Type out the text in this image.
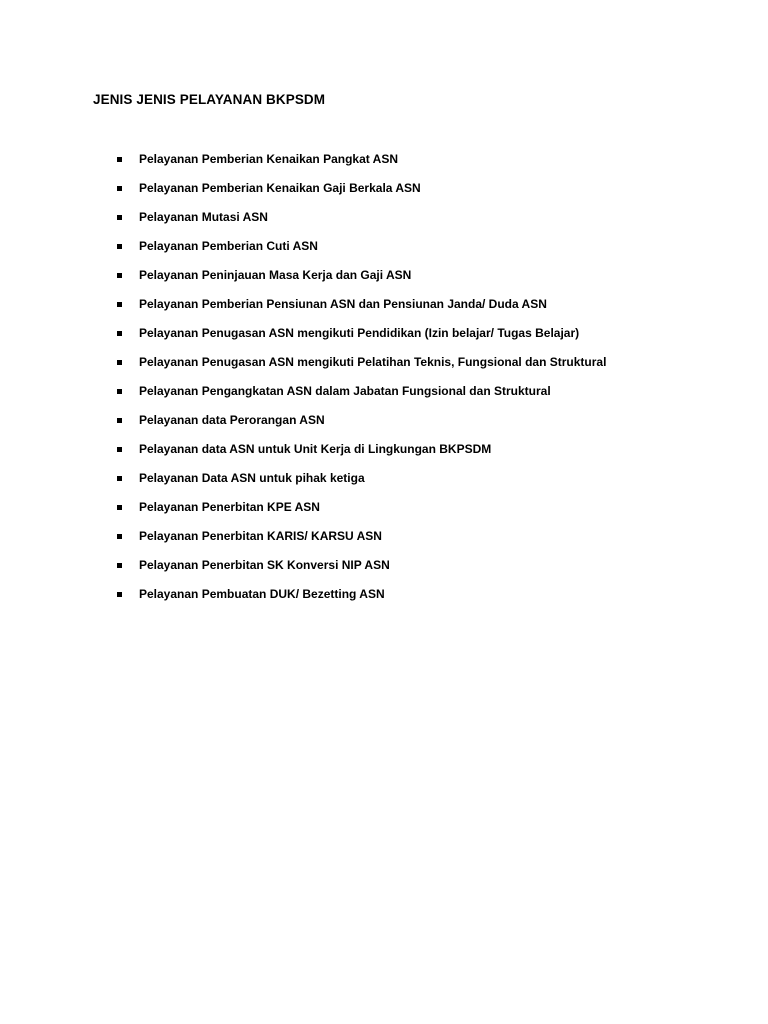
JENIS JENIS PELAYANAN BKPSDM
Pelayanan Pemberian Kenaikan Pangkat ASN
Pelayanan Pemberian Kenaikan Gaji Berkala ASN
Pelayanan Mutasi ASN
Pelayanan Pemberian Cuti ASN
Pelayanan Peninjauan Masa Kerja dan Gaji ASN
Pelayanan Pemberian Pensiunan ASN dan Pensiunan Janda/ Duda ASN
Pelayanan Penugasan ASN mengikuti Pendidikan (Izin belajar/ Tugas Belajar)
Pelayanan Penugasan ASN mengikuti Pelatihan Teknis, Fungsional dan Struktural
Pelayanan Pengangkatan ASN dalam Jabatan Fungsional dan Struktural
Pelayanan data Perorangan ASN
Pelayanan data ASN untuk Unit Kerja di Lingkungan BKPSDM
Pelayanan Data ASN untuk pihak ketiga
Pelayanan Penerbitan KPE ASN
Pelayanan Penerbitan KARIS/ KARSU ASN
Pelayanan Penerbitan SK Konversi NIP ASN
Pelayanan Pembuatan DUK/ Bezetting ASN
